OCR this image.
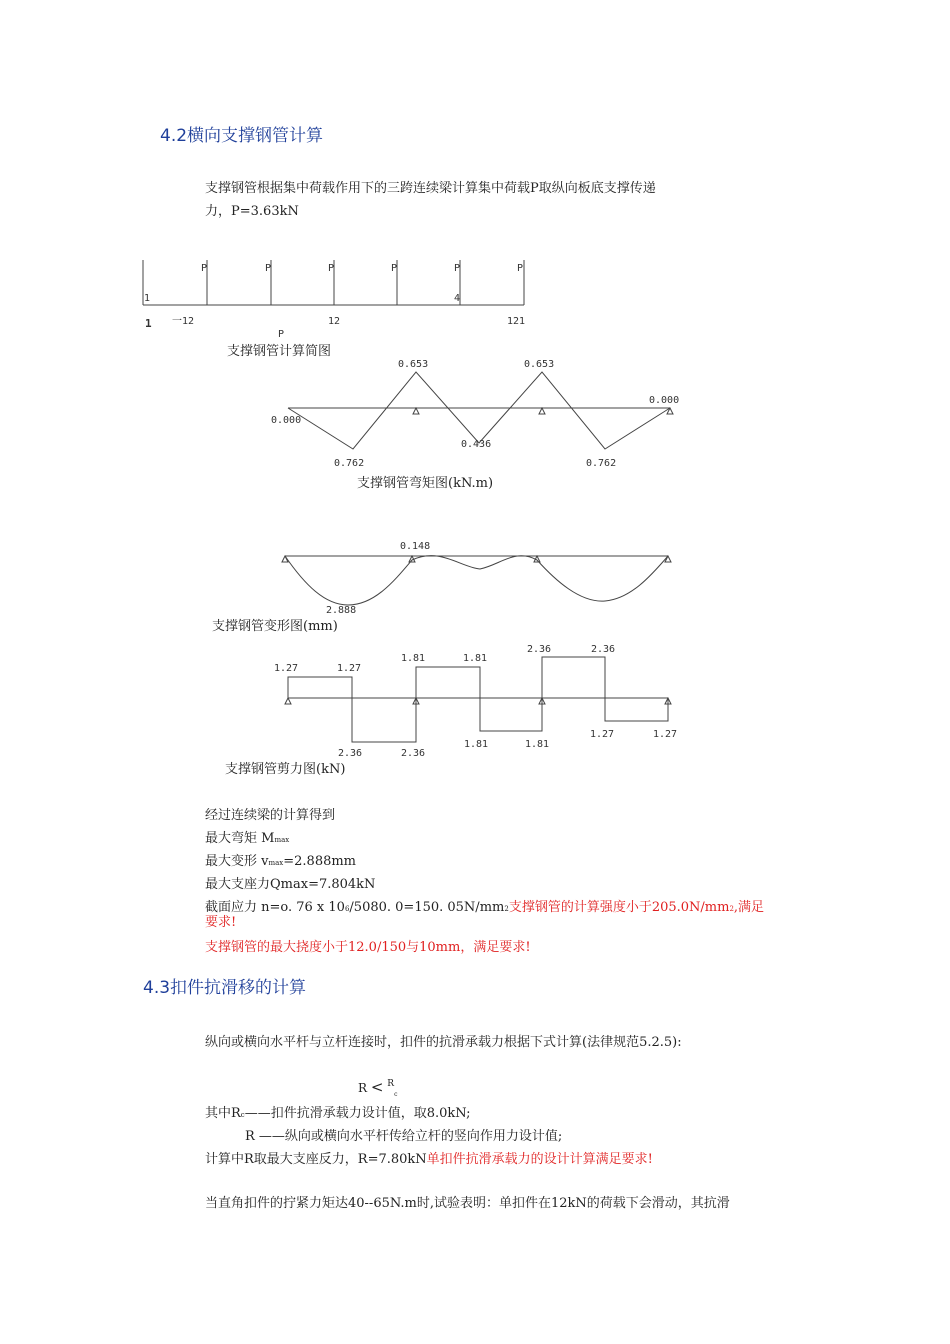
4.2横向支撑钢管计算
支撑钢管根据集中荷载作用下的三跨连续梁计算集中荷载P取纵向板底支撑传递
力，P=3.63kN
P	P	P	P	P	P
1	4
1 一12	12	121
P
支撑钢管计算简图
0.653	0.653
0.000
0.000
0.762
0.436
0.762
支撑钢管弯矩图(kN.m)
0.148
2.888
支撑钢管变形图(mm)
1.27	1.27
1.81	1.81
2.36	2.36
2.36	2.36
1.81	1.81
1.27	1.27
支撑钢管剪力图(kN)
经过连续梁的计算得到
最大弯矩 Mmax
最大变形 vmax=2.888mm
最大支座力Qmax=7.804kN
截面应力 n=o. 76 x 106/5080. 0=150. 05N/mm2支撑钢管的计算强度小于205.0N/mm2,满足
要求!
支撑钢管的最大挠度小于12.0/150与10mm，满足要求!
4.3扣件抗滑移的计算
纵向或横向水平杆与立杆连接时，扣件的抗滑承载力根据下式计算(法律规范5.2.5):
R < Rc
其中Rc——扣件抗滑承载力设计值，取8.0kN;
R ——纵向或横向水平杆传给立杆的竖向作用力设计值;
计算中R取最大支座反力，R=7.80kN单扣件抗滑承载力的设计计算满足要求!
当直角扣件的拧紧力矩达40--65N.m时,试验表明：单扣件在12kN的荷载下会滑动，其抗滑
